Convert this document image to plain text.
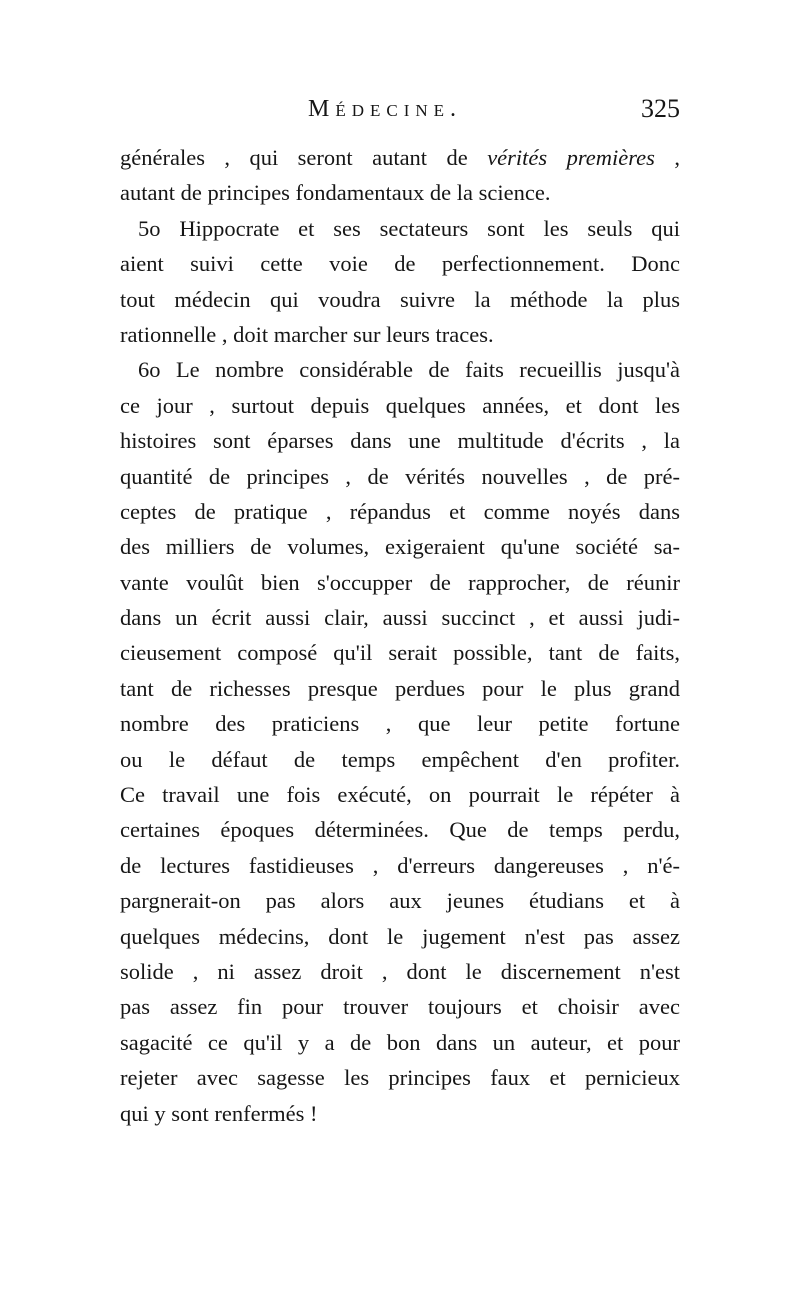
Médecine.	325
générales , qui seront autant de vérités premières ,
autant de principes fondamentaux de la science.
5o Hippocrate et ses sectateurs sont les seuls qui
aient suivi cette voie de perfectionnement. Donc
tout médecin qui voudra suivre la méthode la plus
rationnelle , doit marcher sur leurs traces.
6o Le nombre considérable de faits recueillis jusqu'à
ce jour , surtout depuis quelques années, et dont les
histoires sont éparses dans une multitude d'écrits , la
quantité de principes , de vérités nouvelles , de pré-
ceptes de pratique , répandus et comme noyés dans
des milliers de volumes, exigeraient qu'une société sa-
vante voulût bien s'occupper de rapprocher, de réunir
dans un écrit aussi clair, aussi succinct , et aussi judi-
cieusement composé qu'il serait possible, tant de faits,
tant de richesses presque perdues pour le plus grand
nombre des praticiens , que leur petite fortune
ou le défaut de temps empêchent d'en profiter.
Ce travail une fois exécuté, on pourrait le répéter à
certaines époques déterminées. Que de temps perdu,
de lectures fastidieuses , d'erreurs dangereuses , n'é-
pargnerait-on pas alors aux jeunes étudians et à
quelques médecins, dont le jugement n'est pas assez
solide , ni assez droit , dont le discernement n'est
pas assez fin pour trouver toujours et choisir avec
sagacité ce qu'il y a de bon dans un auteur, et pour
rejeter avec sagesse les principes faux et pernicieux
qui y sont renfermés !
